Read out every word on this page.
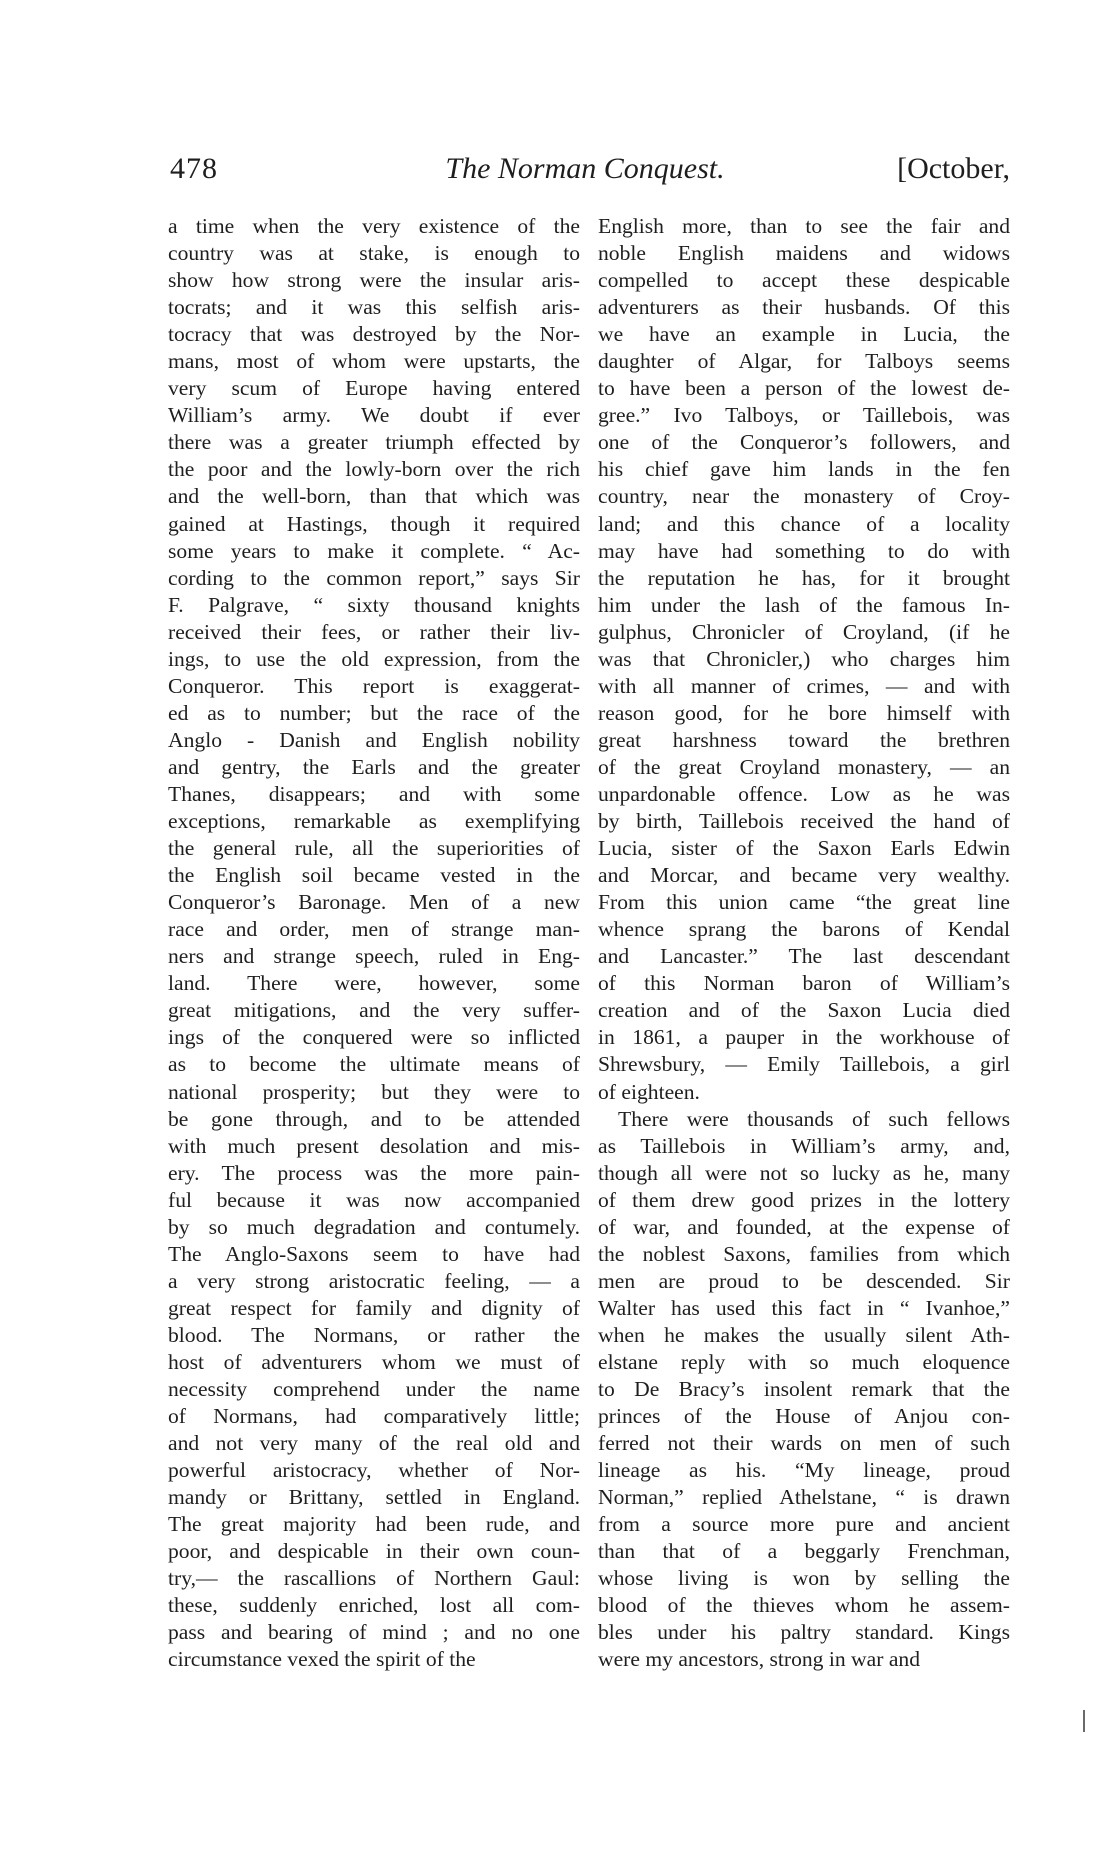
478	The Norman Conquest.	[October,
a time when the very existence of the
country was at stake, is enough to
show how strong were the insular aris-
tocrats; and it was this selfish aris-
tocracy that was destroyed by the Nor-
mans, most of whom were upstarts, the
very scum of Europe having entered
William’s army. We doubt if ever
there was a greater triumph effected by
the poor and the lowly-born over the rich
and the well-born, than that which was
gained at Hastings, though it required
some years to make it complete. “ Ac-
cording to the common report,” says Sir
F. Palgrave, “ sixty thousand knights
received their fees, or rather their liv-
ings, to use the old expression, from the
Conqueror. This report is exaggerat-
ed as to number; but the race of the
Anglo - Danish and English nobility
and gentry, the Earls and the greater
Thanes, disappears; and with some
exceptions, remarkable as exemplifying
the general rule, all the superiorities of
the English soil became vested in the
Conqueror’s Baronage. Men of a new
race and order, men of strange man-
ners and strange speech, ruled in Eng-
land. There were, however, some
great mitigations, and the very suffer-
ings of the conquered were so inflicted
as to become the ultimate means of
national prosperity; but they were to
be gone through, and to be attended
with much present desolation and mis-
ery. The process was the more pain-
ful because it was now accompanied
by so much degradation and contumely.
The Anglo-Saxons seem to have had
a very strong aristocratic feeling, — a
great respect for family and dignity of
blood. The Normans, or rather the
host of adventurers whom we must of
necessity comprehend under the name
of Normans, had comparatively little;
and not very many of the real old and
powerful aristocracy, whether of Nor-
mandy or Brittany, settled in England.
The great majority had been rude, and
poor, and despicable in their own coun-
try,— the rascallions of Northern Gaul:
these, suddenly enriched, lost all com-
pass and bearing of mind ; and no one
circumstance vexed the spirit of the
English more, than to see the fair and
noble English maidens and widows
compelled to accept these despicable
adventurers as their husbands. Of this
we have an example in Lucia, the
daughter of Algar, for Talboys seems
to have been a person of the lowest de-
gree.” Ivo Talboys, or Taillebois, was
one of the Conqueror’s followers, and
his chief gave him lands in the fen
country, near the monastery of Croy-
land; and this chance of a locality
may have had something to do with
the reputation he has, for it brought
him under the lash of the famous In-
gulphus, Chronicler of Croyland, (if he
was that Chronicler,) who charges him
with all manner of crimes, — and with
reason good, for he bore himself with
great harshness toward the brethren
of the great Croyland monastery, — an
unpardonable offence. Low as he was
by birth, Taillebois received the hand of
Lucia, sister of the Saxon Earls Edwin
and Morcar, and became very wealthy.
From this union came “the great line
whence sprang the barons of Kendal
and Lancaster.” The last descendant
of this Norman baron of William’s
creation and of the Saxon Lucia died
in 1861, a pauper in the workhouse of
Shrewsbury, — Emily Taillebois, a girl
of eighteen.
There were thousands of such fellows
as Taillebois in William’s army, and,
though all were not so lucky as he, many
of them drew good prizes in the lottery
of war, and founded, at the expense of
the noblest Saxons, families from which
men are proud to be descended. Sir
Walter has used this fact in “ Ivanhoe,”
when he makes the usually silent Ath-
elstane reply with so much eloquence
to De Bracy’s insolent remark that the
princes of the House of Anjou con-
ferred not their wards on men of such
lineage as his. “My lineage, proud
Norman,” replied Athelstane, “ is drawn
from a source more pure and ancient
than that of a beggarly Frenchman,
whose living is won by selling the
blood of the thieves whom he assem-
bles under his paltry standard. Kings
were my ancestors, strong in war and
